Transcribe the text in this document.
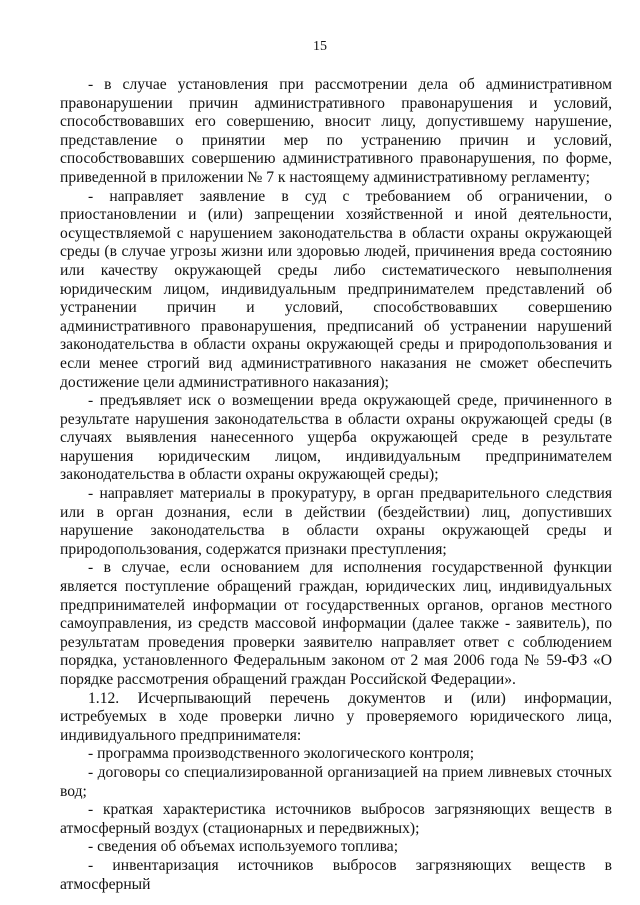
15

- в случае установления при рассмотрении дела об административном правонарушении причин административного правонарушения и условий, способствовавших его совершению, вносит лицу, допустившему нарушение, представление о принятии мер по устранению причин и условий, способствовавших совершению административного правонарушения, по форме, приведенной в приложении № 7 к настоящему административному регламенту;

- направляет заявление в суд с требованием об ограничении, о приостановлении и (или) запрещении хозяйственной и иной деятельности, осуществляемой с нарушением законодательства в области охраны окружающей среды (в случае угрозы жизни или здоровью людей, причинения вреда состоянию или качеству окружающей среды либо систематического невыполнения юридическим лицом, индивидуальным предпринимателем представлений об устранении причин и условий, способствовавших совершению административного правонарушения, предписаний об устранении нарушений законодательства в области охраны окружающей среды и природопользования и если менее строгий вид административного наказания не сможет обеспечить достижение цели административного наказания);

- предъявляет иск о возмещении вреда окружающей среде, причиненного в результате нарушения законодательства в области охраны окружающей среды (в случаях выявления нанесенного ущерба окружающей среде в результате нарушения юридическим лицом, индивидуальным предпринимателем законодательства в области охраны окружающей среды);

- направляет материалы в прокуратуру, в орган предварительного следствия или в орган дознания, если в действии (бездействии) лиц, допустивших нарушение законодательства в области охраны окружающей среды и природопользования, содержатся признаки преступления;

- в случае, если основанием для исполнения государственной функции является поступление обращений граждан, юридических лиц, индивидуальных предпринимателей информации от государственных органов, органов местного самоуправления, из средств массовой информации (далее также - заявитель), по результатам проведения проверки заявителю направляет ответ с соблюдением порядка, установленного Федеральным законом от 2 мая 2006 года № 59-ФЗ «О порядке рассмотрения обращений граждан Российской Федерации».

1.12. Исчерпывающий перечень документов и (или) информации, истребуемых в ходе проверки лично у проверяемого юридического лица, индивидуального предпринимателя:

- программа производственного экологического контроля;

- договоры со специализированной организацией на прием ливневых сточных вод;

- краткая характеристика источников выбросов загрязняющих веществ в атмосферный воздух (стационарных и передвижных);

- сведения об объемах используемого топлива;

- инвентаризация источников выбросов загрязняющих веществ в атмосферный
